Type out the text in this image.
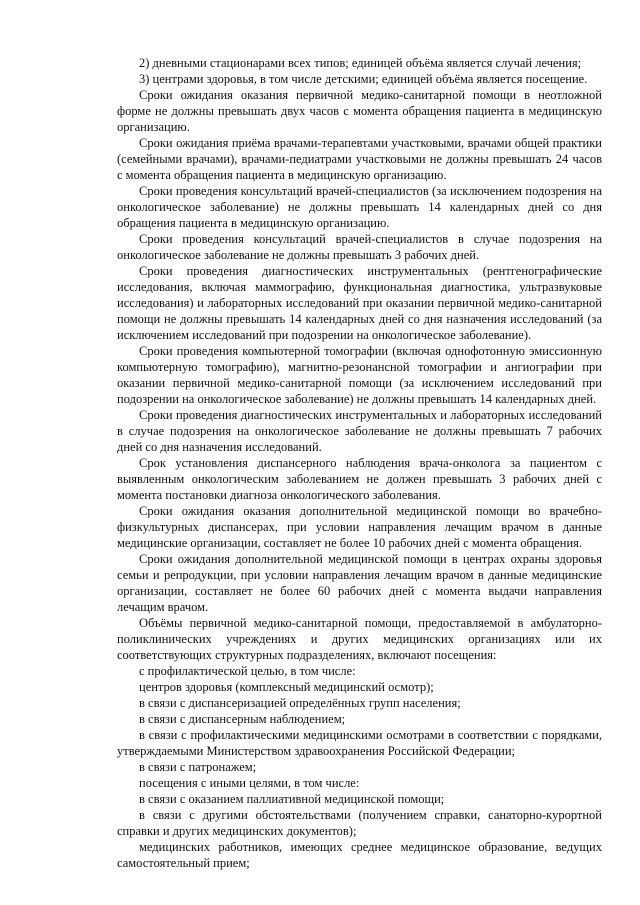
2) дневными стационарами всех типов; единицей объёма является случай лечения;

3) центрами здоровья, в том числе детскими; единицей объёма является посещение.

Сроки ожидания оказания первичной медико-санитарной помощи в неотложной форме не должны превышать двух часов с момента обращения пациента в медицинскую организацию.

Сроки ожидания приёма врачами-терапевтами участковыми, врачами общей практики (семейными врачами), врачами-педиатрами участковыми не должны превышать 24 часов с момента обращения пациента в медицинскую организацию.

Сроки проведения консультаций врачей-специалистов (за исключением подозрения на онкологическое заболевание) не должны превышать 14 календарных дней со дня обращения пациента в медицинскую организацию.

Сроки проведения консультаций врачей-специалистов в случае подозрения на онкологическое заболевание не должны превышать 3 рабочих дней.

Сроки проведения диагностических инструментальных (рентгенографические исследования, включая маммографию, функциональная диагностика, ультразвуковые исследования) и лабораторных исследований при оказании первичной медико-санитарной помощи не должны превышать 14 календарных дней со дня назначения исследований (за исключением исследований при подозрении на онкологическое заболевание).

Сроки проведения компьютерной томографии (включая однофотонную эмиссионную компьютерную томографию), магнитно-резонансной томографии и ангиографии при оказании первичной медико-санитарной помощи (за исключением исследований при подозрении на онкологическое заболевание) не должны превышать 14 календарных дней.

Сроки проведения диагностических инструментальных и лабораторных исследований в случае подозрения на онкологическое заболевание не должны превышать 7 рабочих дней со дня назначения исследований.

Срок установления диспансерного наблюдения врача-онколога за пациентом с выявленным онкологическим заболеванием не должен превышать 3 рабочих дней с момента постановки диагноза онкологического заболевания.

Сроки ожидания оказания дополнительной медицинской помощи во врачебно-физкультурных диспансерах, при условии направления лечащим врачом в данные медицинские организации, составляет не более 10 рабочих дней с момента обращения.

Сроки ожидания дополнительной медицинской помощи в центрах охраны здоровья семьи и репродукции, при условии направления лечащим врачом в данные медицинские организации, составляет не более 60 рабочих дней с момента выдачи направления лечащим врачом.

Объёмы первичной медико-санитарной помощи, предоставляемой в амбулаторно-поликлинических учреждениях и других медицинских организациях или их соответствующих структурных подразделениях, включают посещения:

с профилактической целью, в том числе:

центров здоровья (комплексный медицинский осмотр);

в связи с диспансеризацией определённых групп населения;

в связи с диспансерным наблюдением;

в связи с профилактическими медицинскими осмотрами в соответствии с порядками, утверждаемыми Министерством здравоохранения Российской Федерации;

в связи с патронажем;

посещения с иными целями, в том числе:

в связи с оказанием паллиативной медицинской помощи;

в связи с другими обстоятельствами (получением справки, санаторно-курортной справки и других медицинских документов);

медицинских работников, имеющих среднее медицинское образование, ведущих самостоятельный прием;
